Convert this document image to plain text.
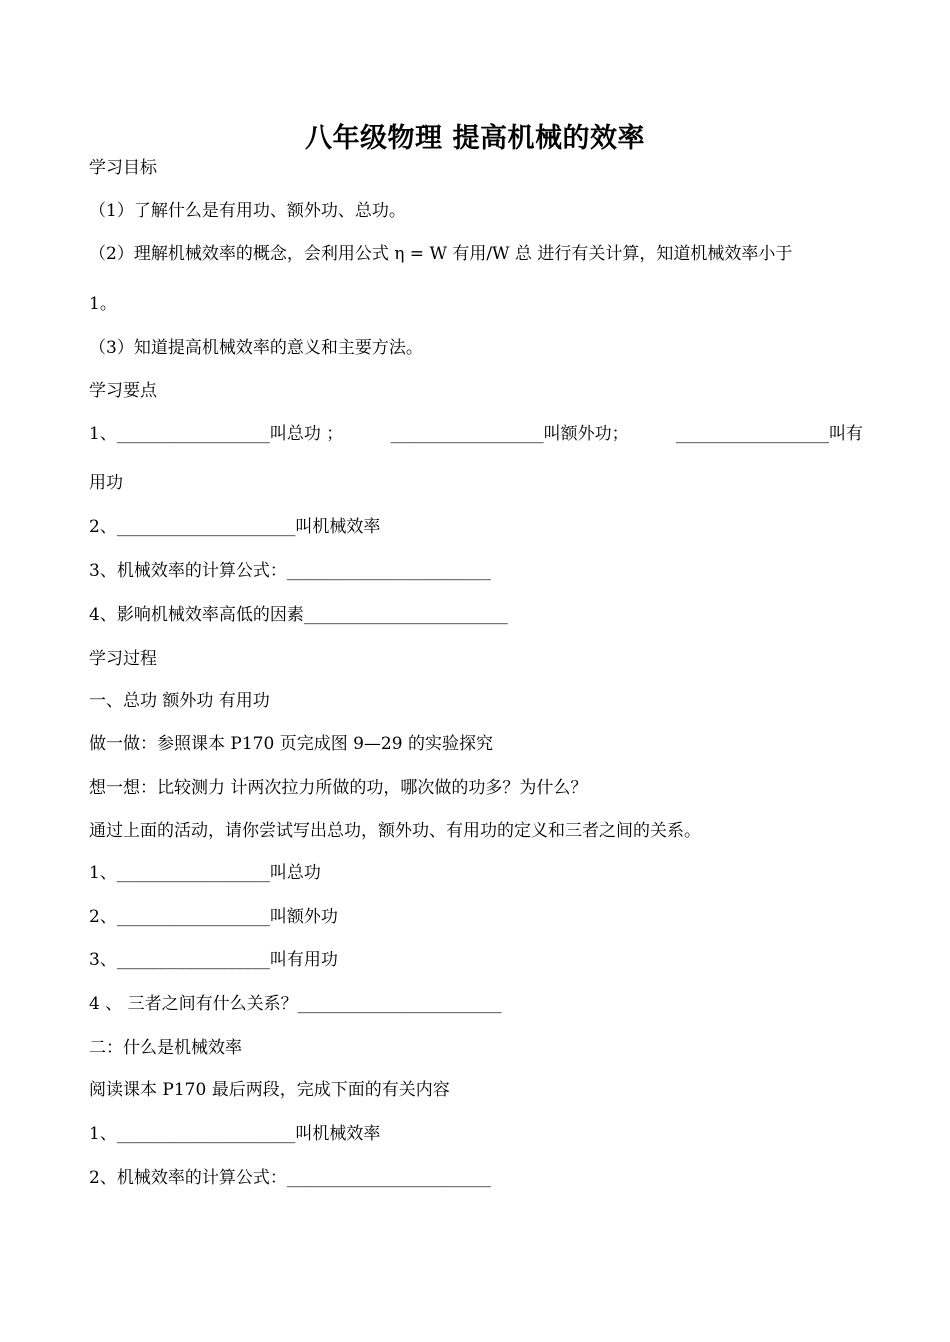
八年级物理 提高机械的效率
学习目标
（1）了解什么是有用功、额外功、总功。
（2）理解机械效率的概念，会利用公式 η = W 有用/W 总 进行有关计算，知道机械效率小于
1。
（3）知道提高机械效率的意义和主要方法。
学习要点
1、__________________叫总功 ；	__________________叫额外功；	__________________叫有
用功
2、_____________________叫机械效率
3、机械效率的计算公式：________________________
4、影响机械效率高低的因素________________________
学习过程
一、总功 额外功 有用功
做一做：参照课本 P170 页完成图 9—29 的实验探究
想一想：比较测力 计两次拉力所做的功，哪次做的功多？为什么？
通过上面的活动，请你尝试写出总功，额外功、有用功的定义和三者之间的关系。
1、__________________叫总功
2、__________________叫额外功
3、__________________叫有用功
4 、 三者之间有什么关系？________________________
二：什么是机械效率
阅读课本 P170 最后两段，完成下面的有关内容
1、_____________________叫机械效率
2、机械效率的计算公式：________________________
